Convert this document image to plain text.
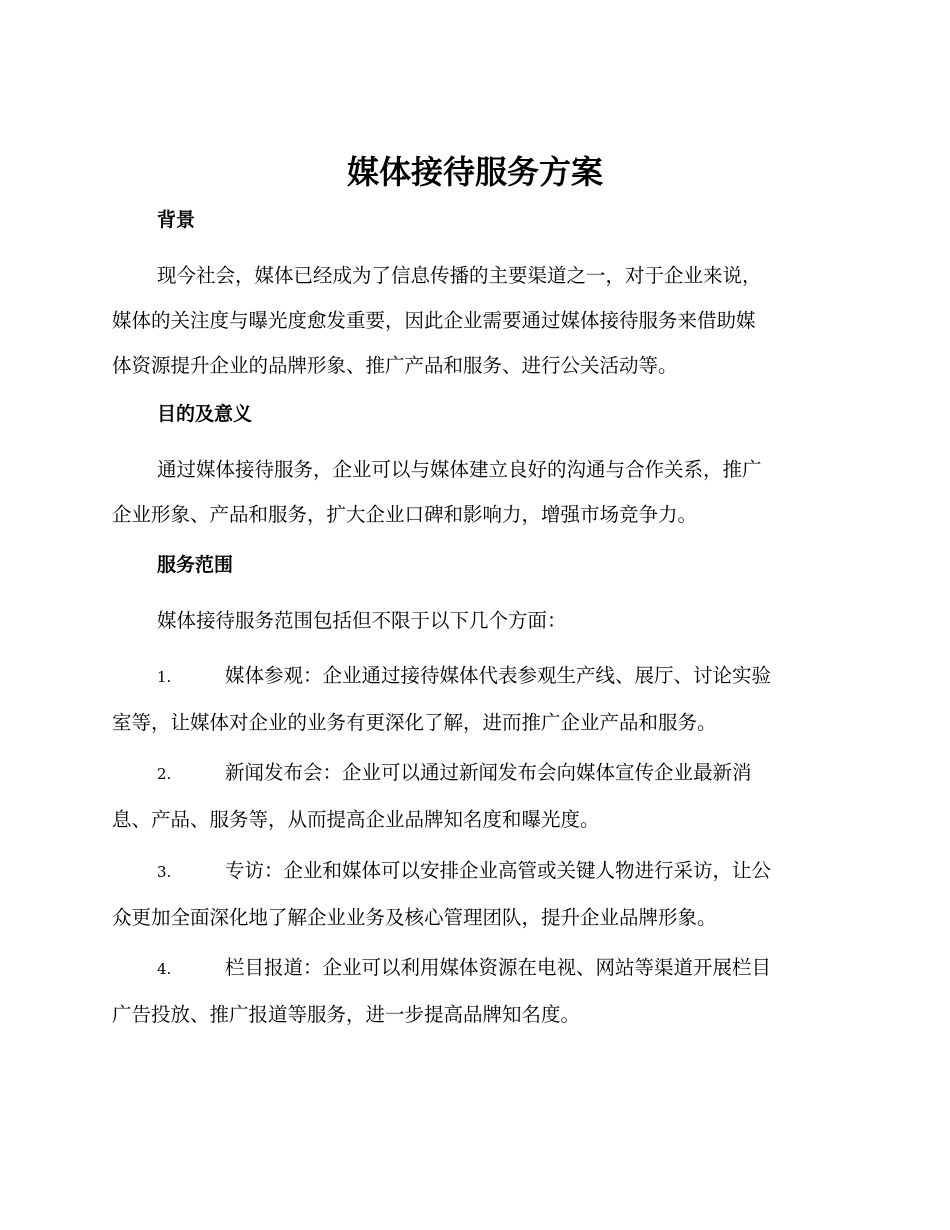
媒体接待服务方案
背景
现今社会，媒体已经成为了信息传播的主要渠道之一，对于企业来说，
媒体的关注度与曝光度愈发重要，因此企业需要通过媒体接待服务来借助媒
体资源提升企业的品牌形象、推广产品和服务、进行公关活动等。
目的及意义
通过媒体接待服务，企业可以与媒体建立良好的沟通与合作关系，推广
企业形象、产品和服务，扩大企业口碑和影响力，增强市场竞争力。
服务范围
媒体接待服务范围包括但不限于以下几个方面：
1.	媒体参观：企业通过接待媒体代表参观生产线、展厅、讨论实验
室等，让媒体对企业的业务有更深化了解，进而推广企业产品和服务。
2.	新闻发布会：企业可以通过新闻发布会向媒体宣传企业最新消
息、产品、服务等，从而提高企业品牌知名度和曝光度。
3.	专访：企业和媒体可以安排企业高管或关键人物进行采访，让公
众更加全面深化地了解企业业务及核心管理团队，提升企业品牌形象。
4.	栏目报道：企业可以利用媒体资源在电视、网站等渠道开展栏目
广告投放、推广报道等服务，进一步提高品牌知名度。
